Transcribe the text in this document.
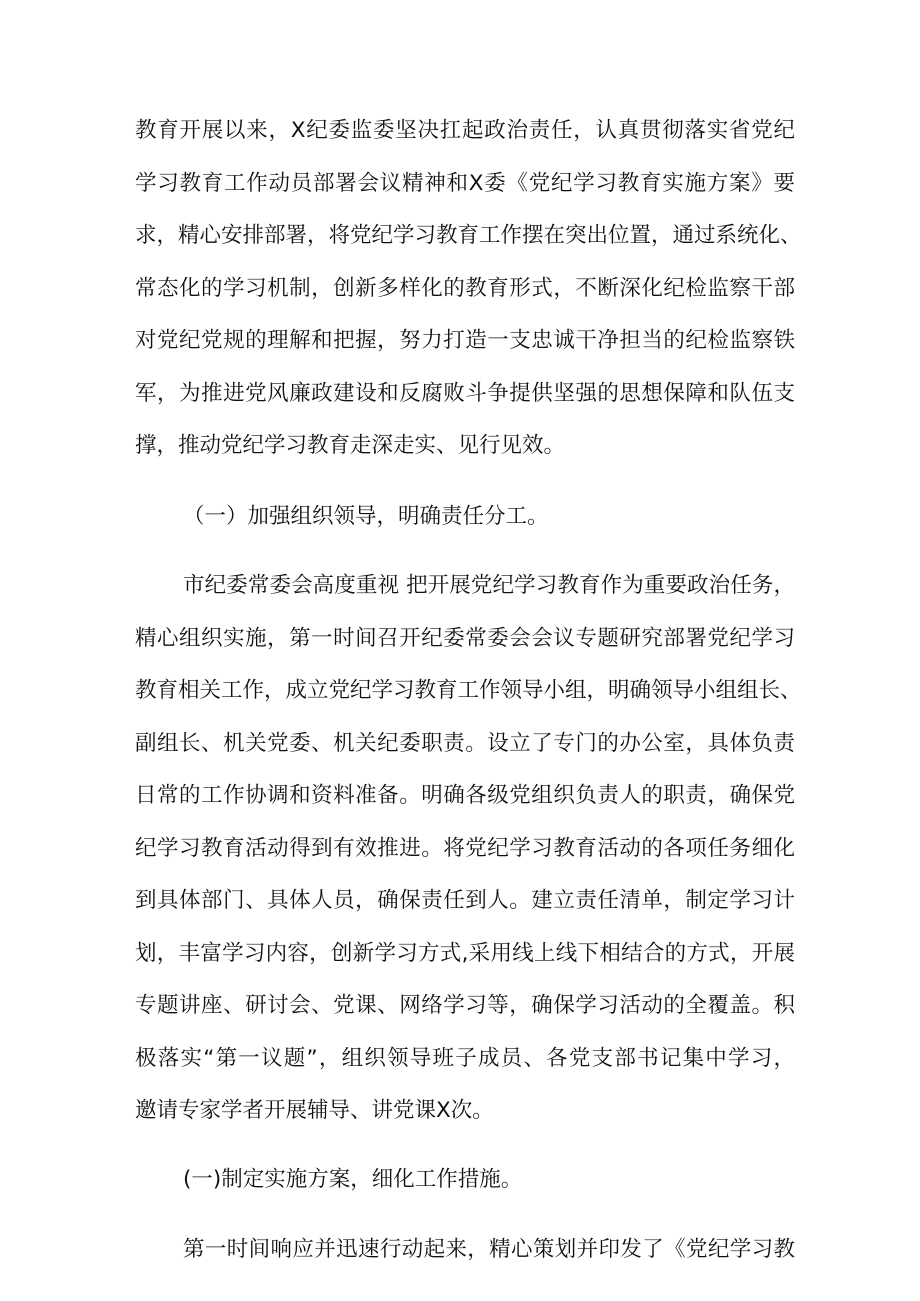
教育开展以来，X纪委监委坚决扛起政治责任，认真贯彻落实省党纪
学习教育工作动员部署会议精神和X委《党纪学习教育实施方案》要
求，精心安排部署，将党纪学习教育工作摆在突出位置，通过系统化、
常态化的学习机制，创新多样化的教育形式，不断深化纪检监察干部
对党纪党规的理解和把握，努力打造一支忠诚干净担当的纪检监察铁
军，为推进党风廉政建设和反腐败斗争提供坚强的思想保障和队伍支
撑，推动党纪学习教育走深走实、见行见效。
（一）加强组织领导，明确责任分工。
市纪委常委会高度重视 把开展党纪学习教育作为重要政治任务，
精心组织实施，第一时间召开纪委常委会会议专题研究部署党纪学习
教育相关工作，成立党纪学习教育工作领导小组，明确领导小组组长、
副组长、机关党委、机关纪委职责。设立了专门的办公室，具体负责
日常的工作协调和资料准备。明确各级党组织负责人的职责，确保党
纪学习教育活动得到有效推进。将党纪学习教育活动的各项任务细化
到具体部门、具体人员，确保责任到人。建立责任清单，制定学习计
划，丰富学习内容，创新学习方式,采用线上线下相结合的方式，开展
专题讲座、研讨会、党课、网络学习等，确保学习活动的全覆盖。积
极落实“第一议题”，组织领导班子成员、各党支部书记集中学习，
邀请专家学者开展辅导、讲党课X次。
(一)制定实施方案，细化工作措施。
第一时间响应并迅速行动起来，精心策划并印发了《党纪学习教
